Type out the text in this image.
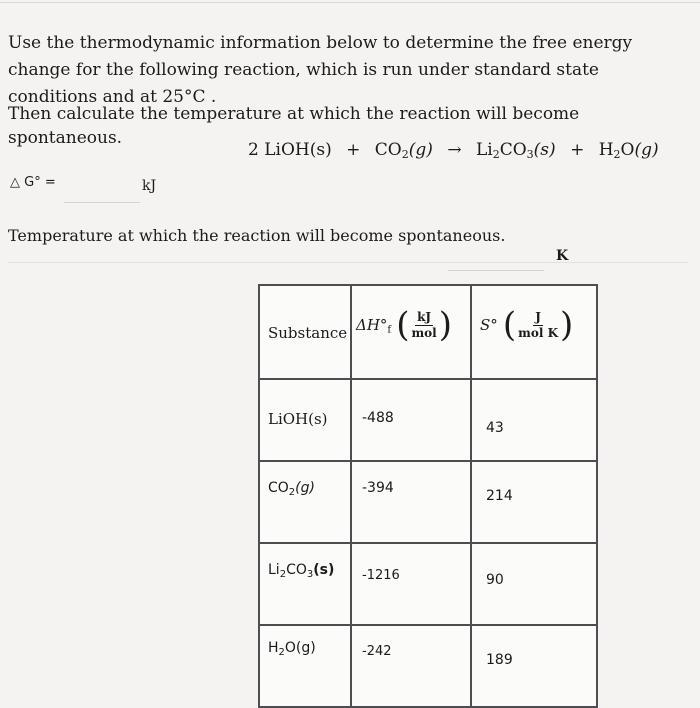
Use the thermodynamic information below to determine the free energy change for the following reaction, which is run under standard state conditions and at 25°C .
Then calculate the temperature at which the reaction will become spontaneous.
2 LiOH(s) + $CO_2(g) \to Li_2CO_3(s) + H_2O(g)$
△ G° =	kJ
Temperature at which the reaction will become spontaneous.
K
Substance	$\Delta H^\circ_f$ ( $\frac{kJ}{\text{mol}}$ )	S° ( $\frac{J}{\text{mol K}}$ )

LiOH(s)	-488	43

$CO_2(g)$	-394	214

$Li_2CO_3(s)$	-1216	90

$H_2O(g)$	-242	189
